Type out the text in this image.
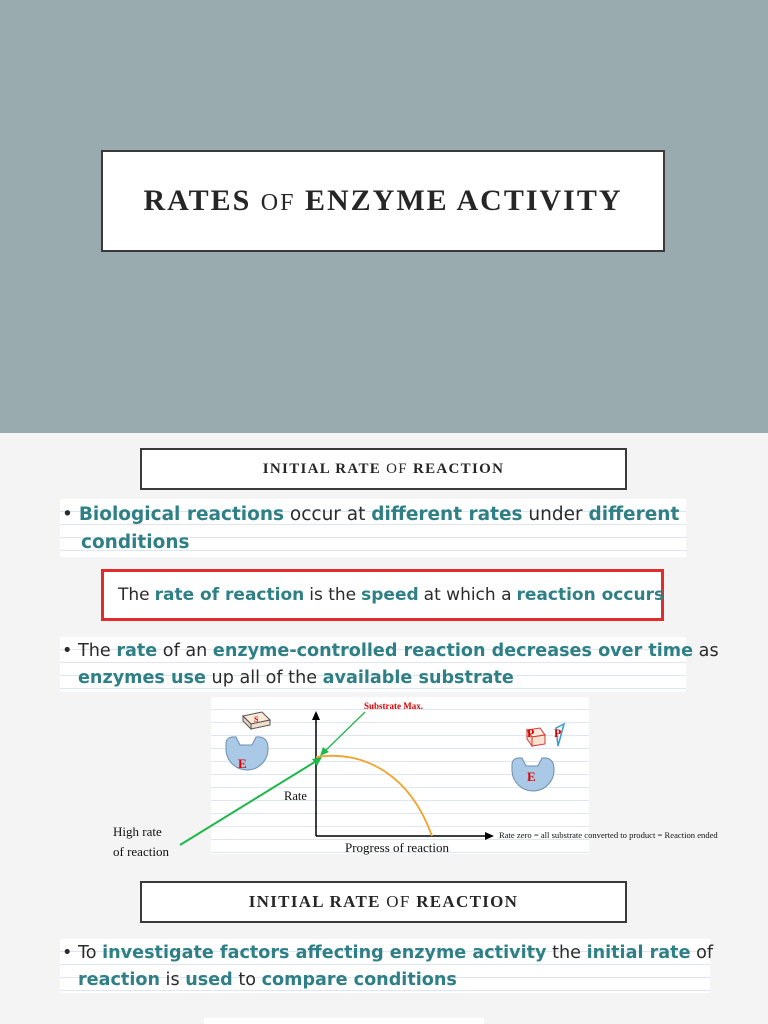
RATES OF ENZYME ACTIVITY
INITIAL RATE OF REACTION
• Biological reactions occur at different rates under different
conditions
The rate of reaction is the speed at which a reaction occurs
• The rate of an enzyme-controlled reaction decreases over time as
enzymes use up all of the available substrate
E
S
P P
E
Substrate Max.
Rate
Progress of reaction
High rate
of reaction
Rate zero = all substrate converted to product = Reaction ended
INITIAL RATE OF REACTION
• To investigate factors affecting enzyme activity the initial rate of
reaction is used to compare conditions
